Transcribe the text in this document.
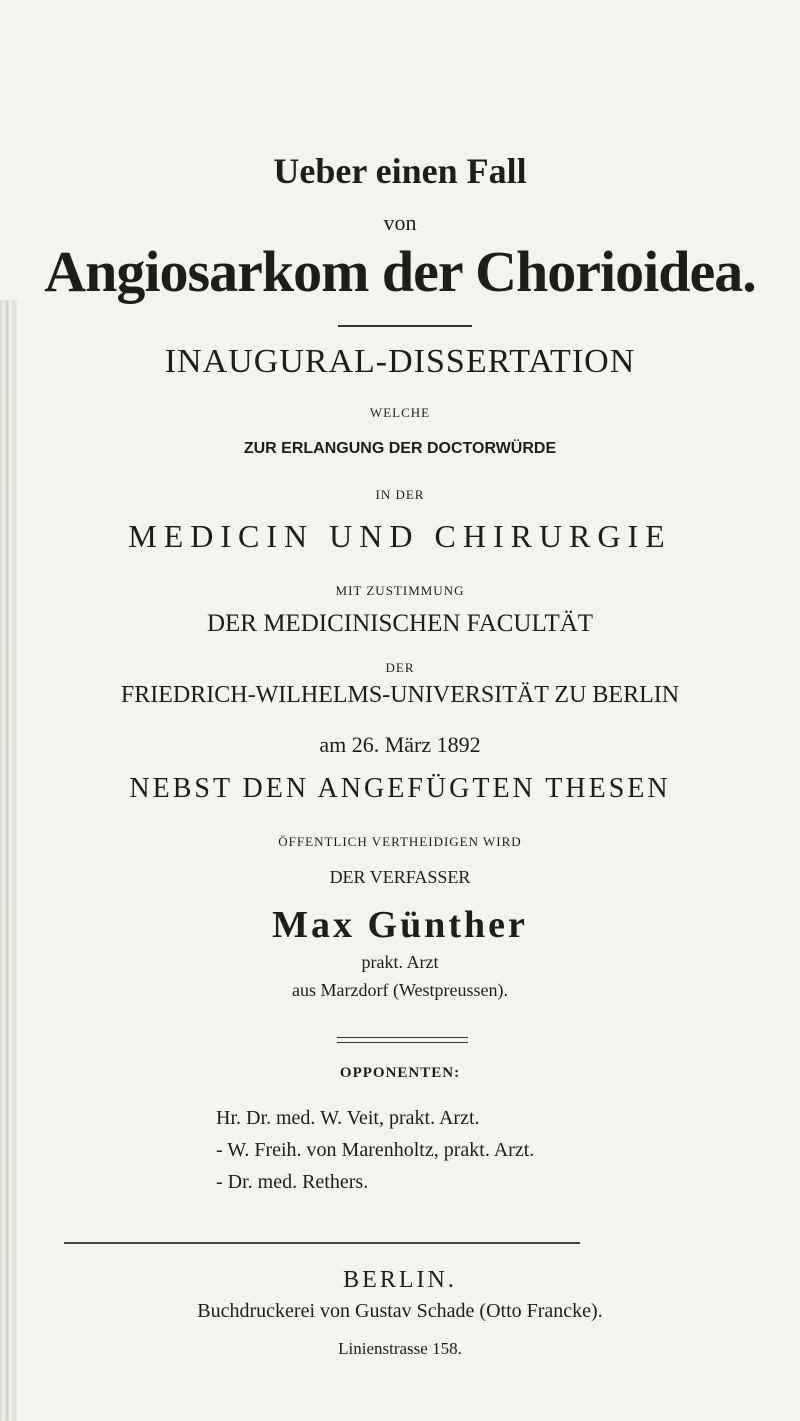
Ueber einen Fall
von
Angiosarkom der Chorioidea.
INAUGURAL-DISSERTATION
WELCHE
ZUR ERLANGUNG DER DOCTORWÜRDE
IN DER
MEDICIN UND CHIRURGIE
MIT ZUSTIMMUNG
DER MEDICINISCHEN FACULTÄT
DER
FRIEDRICH-WILHELMS-UNIVERSITÄT ZU BERLIN
am 26. März 1892
NEBST DEN ANGEFÜGTEN THESEN
ÖFFENTLICH VERTHEIDIGEN WIRD
DER VERFASSER
Max Günther
prakt. Arzt
aus Marzdorf (Westpreussen).
OPPONENTEN:
Hr. Dr. med. W. Veit, prakt. Arzt.
- W. Freih. von Marenholtz, prakt. Arzt.
- Dr. med. Rethers.
BERLIN.
Buchdruckerei von Gustav Schade (Otto Francke).
Linienstrasse 158.
